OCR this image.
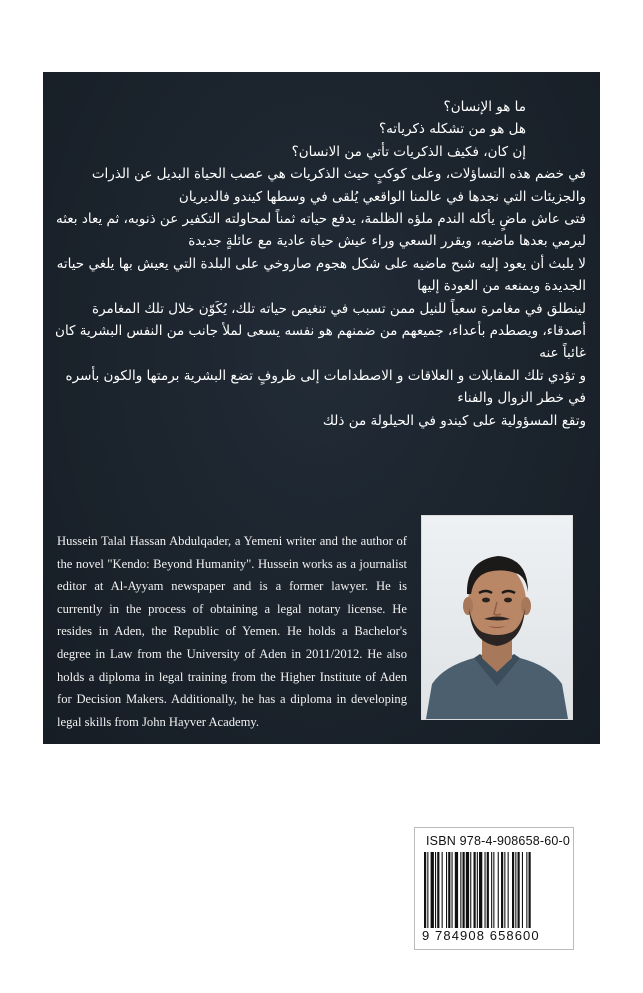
ما هو الإنسان؟
هل هو من تشكله ذكرياته؟
إن كان، فكيف الذكريات تأتي من الانسان؟
في خضم هذه التساؤلات، وعلى كوكبٍ حيث الذكريات هي عصب الحياة البديل عن الذرات والجزيئات التي نجدها في عالمنا الواقعي يُلقى في وسطها كيندو فالديريان
فتى عاش ماضٍ يأكله الندم ملؤه الظلمة، يدفع حياته ثمناً لمحاولته التكفير عن ذنوبه، ثم يعاد بعثه ليرمي بعدها ماضيه، ويقرر السعي وراء عيش حياة عادية مع عائلةٍ جديدة
لا يلبث أن يعود إليه شبح ماضيه على شكل هجوم صاروخي على البلدة التي يعيش بها يلغي حياته الجديدة ويمنعه من العودة إليها
لينطلق في مغامرة سعياً للنيل ممن تسبب في تنغيص حياته تلك، يُكَوّن خلال تلك المغامرة أصدقاء، ويصطدم بأعداء، جميعهم من ضمنهم هو نفسه يسعى لملأ جانب من النفس البشرية كان غائباً عنه
و تؤدي تلك المقابلات و العلاقات و الاصطدامات إلى ظروفٍ تضع البشرية برمتها والكون بأسره في خطر الزوال والفناء
وتقع المسؤولية على كيندو في الحيلولة من ذلك

Hussein Talal Hassan Abdulqader, a Yemeni writer and the author of the novel "Kendo: Beyond Humanity". Hussein works as a journalist editor at Al-Ayyam newspaper and is a former lawyer. He is currently in the process of obtaining a legal notary license. He resides in Aden, the Republic of Yemen. He holds a Bachelor's degree in Law from the University of Aden in 2011/2012. He also holds a diploma in legal training from the Higher Institute of Aden for Decision Makers. Additionally, he has a diploma in developing legal skills from John Hayver Academy.

ISBN 978-4-908658-60-0
9 784908 658600
